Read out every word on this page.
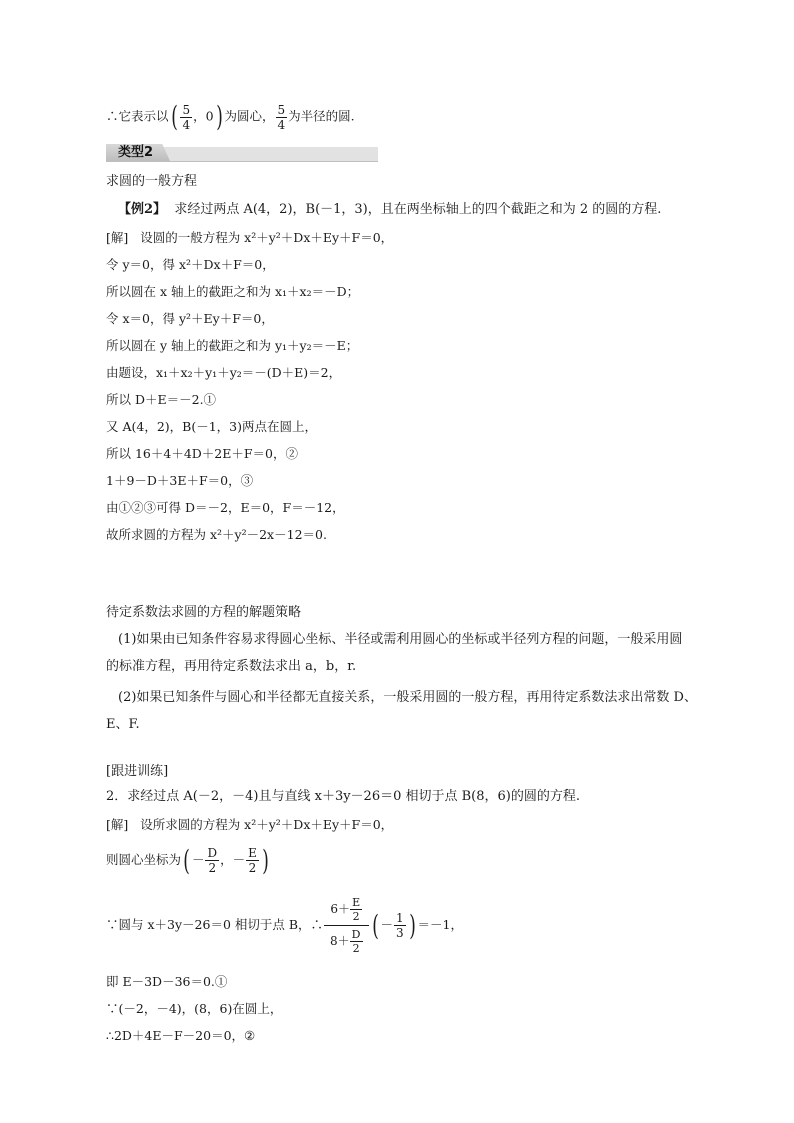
∴它表示以( $\frac{5}{4}$ ，0) 为圆心， $\frac{5}{4}$ 为半径的圆.
类型2
求圆的一般方程
【例2】 求经过两点 A(4，2)，B(－1，3)，且在两坐标轴上的四个截距之和为 2 的圆的方程.
[解] 设圆的一般方程为 x²＋y²＋Dx＋Ey＋F＝0，
令 y＝0，得 x²＋Dx＋F＝0，
所以圆在 x 轴上的截距之和为 x₁＋x₂＝－D；
令 x＝0，得 y²＋Ey＋F＝0，
所以圆在 y 轴上的截距之和为 y₁＋y₂＝－E；
由题设，x₁＋x₂＋y₁＋y₂＝－(D＋E)＝2，
所以 D＋E＝－2.①
又 A(4，2)，B(－1，3)两点在圆上，
所以 16＋4＋4D＋2E＋F＝0，②
1＋9－D＋3E＋F＝0，③
由①②③可得 D＝－2，E＝0，F＝－12，
故所求圆的方程为 x²＋y²－2x－12＝0.
待定系数法求圆的方程的解题策略
(1)如果由已知条件容易求得圆心坐标、半径或需利用圆心的坐标或半径列方程的问题，一般采用圆
的标准方程，再用待定系数法求出 a，b，r.
(2)如果已知条件与圆心和半径都无直接关系，一般采用圆的一般方程，再用待定系数法求出常数 D、
E、F.
[跟进训练]
2．求经过点 A(－2，－4)且与直线 x＋3y－26＝0 相切于点 B(8，6)的圆的方程.
[解] 设所求圆的方程为 x²＋y²＋Dx＋Ey＋F＝0，
则圆心坐标为( － $\frac{D}{2}$ ，－ $\frac{E}{2}$ )
∵圆与 x＋3y－26＝0 相切于点 B，∴ $\frac{6+ \frac{E}{2}}{8+ \frac{D}{2}}$ ( － $\frac{1}{3}$ ) ＝－1，
即 E－3D－36＝0.①
∵(－2，－4)，(8，6)在圆上，
∴2D＋4E－F－20＝0，②
